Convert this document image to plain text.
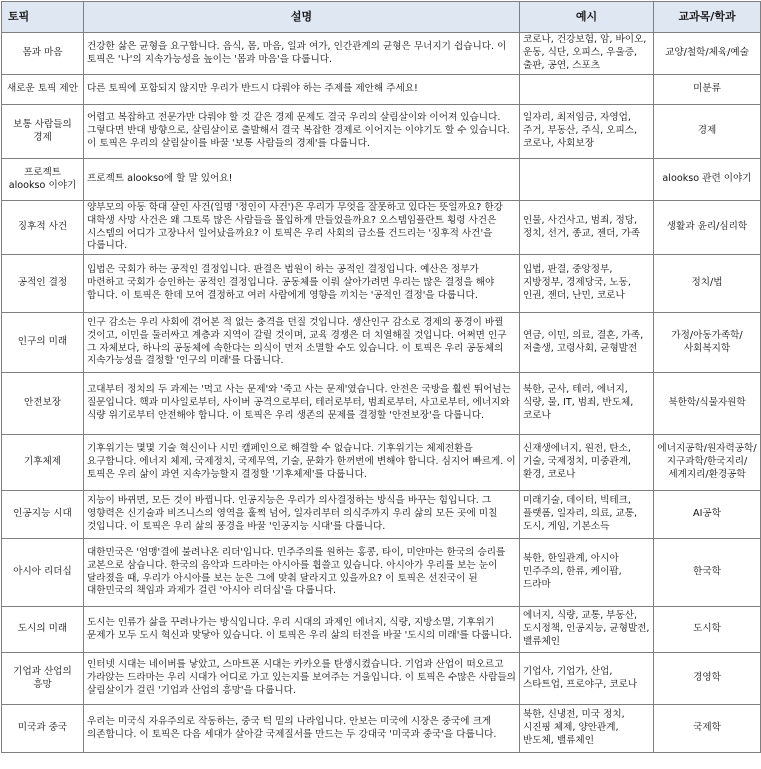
토픽	설명	예시	교과목/학과
몸과 마음	건강한 삶은 균형을 요구합니다. 음식, 몸, 마음, 일과 여가, 인간관계의 균형은 무너지기 쉽습니다. 이 토픽은 '나'의 지속가능성을 높이는 '몸과 마음'을 다룹니다.	코로나, 건강보험, 암, 바이오, 운동, 식단, 오피스, 우울증, 출판, 공연, 스포츠	교양/철학/체육/예술
새로운 토픽 제안	다른 토픽에 포함되지 않지만 우리가 반드시 다뤄야 하는 주제를 제안해 주세요!		미분류
보통 사람들의 경제	어렵고 복잡하고 전문가만 다뤄야 할 것 같은 경제 문제도 결국 우리의 살림살이와 이어져 있습니다. 그렇다면 반대 방향으로, 살림살이로 출발해서 결국 복잡한 경제로 이어지는 이야기도 할 수 있습니다. 이 토픽은 우리의 살림살이를 바꿀 '보통 사람들의 경제'를 다룹니다.	일자리, 최저임금, 자영업, 주거, 부동산, 주식, 오피스, 코로나, 사회보장	경제
프로젝트 alookso 이야기	프로젝트 alookso에 할 말 있어요!		alookso 관련 이야기
징후적 사건	양부모의 아동 학대 살인 사건(일명 '정인이 사건')은 우리가 무엇을 잘못하고 있다는 뜻일까요? 한강 대학생 사망 사건은 왜 그토록 많은 사람들을 몰입하게 만들었을까요? 오스템임플란트 횡령 사건은 시스템의 어디가 고장나서 일어났을까요? 이 토픽은 우리 사회의 급소를 건드리는 '징후적 사건'을 다룹니다.	인물, 사건사고, 범죄, 정당, 정치, 선거, 종교, 젠더, 가족	생활과 윤리/심리학
공적인 결정	입법은 국회가 하는 공적인 결정입니다. 판결은 법원이 하는 공적인 결정입니다. 예산은 정부가 마련하고 국회가 승인하는 공적인 결정입니다. 공동체를 이뤄 살아가려면 우리는 많은 결정을 해야 합니다. 이 토픽은 한데 모여 결정하고 여러 사람에게 영향을 끼치는 '공적인 결정'을 다룹니다.	입법, 판결, 중앙정부, 지방정부, 경제당국, 노동, 인권, 젠더, 난민, 코로나	정치/법
인구의 미래	인구 감소는 우리 사회에 겪어본 적 없는 충격을 던질 것입니다. 생산인구 감소로 경제의 풍경이 바뀔 것이고, 이민을 둘러싸고 계층과 지역이 갈릴 것이며, 교육 경쟁은 더 치열해질 것입니다. 어쩌면 인구 그 자체보다, 하나의 공동체에 속한다는 의식이 먼저 소멸할 수도 있습니다. 이 토픽은 우리 공동체의 지속가능성을 결정할 '인구의 미래'를 다룹니다.	연금, 이민, 의료, 결혼, 가족, 저출생, 고령사회, 균형발전	가정/아동가족학/사회복지학
안전보장	고대부터 정치의 두 과제는 '먹고 사는 문제'와 '죽고 사는 문제'였습니다. 안전은 국방을 훨씬 뛰어넘는 질문입니다. 핵과 미사일로부터, 사이버 공격으로부터, 테러로부터, 범죄로부터, 사고로부터, 에너지와 식량 위기로부터 안전해야 합니다. 이 토픽은 우리 생존의 문제를 결정할 '안전보장'을 다룹니다.	북한, 군사, 테러, 에너지, 식량, 물, IT, 범죄, 반도체, 코로나	북한학/식물자원학
기후체제	기후위기는 몇몇 기술 혁신이나 시민 캠페인으로 해결할 수 없습니다. 기후위기는 체제전환을 요구합니다. 에너지 체제, 국제정치, 국제무역, 기술, 문화가 한꺼번에 변해야 합니다. 심지어 빠르게. 이 토픽은 우리 삶이 과연 지속가능할지 결정할 '기후체제'를 다룹니다.	신재생에너지, 원전, 탄소, 기술, 국제정치, 미중관계, 환경, 코로나	에너지공학/원자력공학/지구과학/한국지리/세계지리/환경공학
인공지능 시대	지능이 바뀌면, 모든 것이 바뀝니다. 인공지능은 우리가 의사결정하는 방식을 바꾸는 힘입니다. 그 영향력은 신기술과 비즈니스의 영역을 훌쩍 넘어, 일자리부터 의식주까지 우리 삶의 모든 곳에 미칠 것입니다. 이 토픽은 우리 삶의 풍경을 바꿀 '인공지능 시대'를 다룹니다.	미래기술, 데이터, 빅테크, 플랫폼, 일자리, 의료, 교통, 도시, 게임, 기본소득	AI공학
아시아 리더십	대한민국은 '엄맹'결에 불려나온 리더'입니다. 민주주의를 원하는 홍콩, 타이, 미얀마는 한국의 승리를 교본으로 삼습니다. 한국의 음악과 드라마는 아시아를 휩쓸고 있습니다. 아시아가 우리를 보는 눈이 달라졌을 때, 우리가 아시아를 보는 눈은 그에 맞춰 달라지고 있을까요? 이 토픽은 선진국이 된 대한민국의 책임과 과제가 걸린 '아시아 리더십'을 다룹니다.	북한, 한일관계, 아시아 민주주의, 한류, 케이팝, 드라마	한국학
도시의 미래	도시는 인류가 삶을 꾸려나가는 방식입니다. 우리 시대의 과제인 에너지, 식량, 지방소멸, 기후위기 문제가 모두 도시 혁신과 맞닿아 있습니다. 이 토픽은 우리 삶의 터전을 바꿀 '도시의 미래'를 다룹니다.	에너지, 식량, 교통, 부동산, 도시정책, 인공지능, 균형발전, 밸류체인	도시학
기업과 산업의 흥망	인터넷 시대는 네이버를 낳았고, 스마트폰 시대는 카카오를 탄생시켰습니다. 기업과 산업이 떠오르고 가라앉는 드라마는 우리 시대가 어디로 가고 있는지를 보여주는 거울입니다. 이 토픽은 수많은 사람들의 살림살이가 걸린 '기업과 산업의 흥망'을 다룹니다.	기업사, 기업가, 산업, 스타트업, 프로야구, 코로나	경영학
미국과 중국	우리는 미국식 자유주의로 작동하는, 중국 턱 밑의 나라입니다. 안보는 미국에 시장은 중국에 크게 의존합니다. 이 토픽은 다음 세대가 살아갈 국제질서를 만드는 두 강대국 '미국과 중국'을 다룹니다.	북한, 신냉전, 미국 정치, 시진핑 체제, 양안관계, 반도체, 밸류체인	국제학
